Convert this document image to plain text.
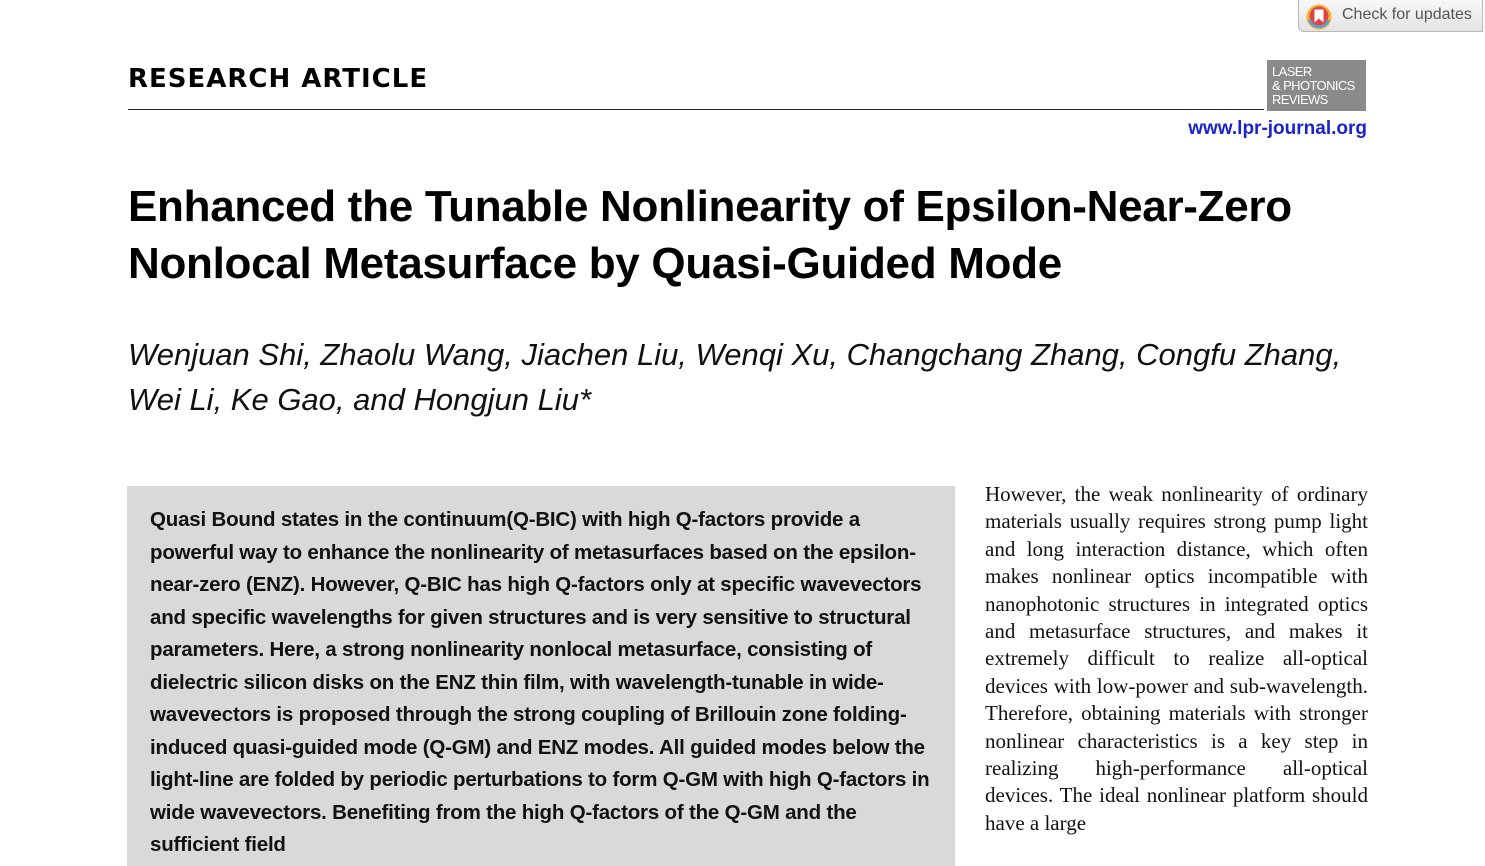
Check for updates
RESEARCH ARTICLE	LASER
& PHOTONICS
REVIEWS
www.lpr-journal.org
Enhanced the Tunable Nonlinearity of Epsilon-Near-Zero Nonlocal Metasurface by Quasi-Guided Mode

Wenjuan Shi, Zhaolu Wang, Jiachen Liu, Wenqi Xu, Changchang Zhang, Congfu Zhang, Wei Li, Ke Gao, and Hongjun Liu*

Quasi Bound states in the continuum(Q-BIC) with high Q-factors provide a powerful way to enhance the nonlinearity of metasurfaces based on the epsilon-near-zero (ENZ). However, Q-BIC has high Q-factors only at specific wavevectors and specific wavelengths for given structures and is very sensitive to structural parameters. Here, a strong nonlinearity nonlocal metasurface, consisting of dielectric silicon disks on the ENZ thin film, with wavelength-tunable in wide-wavevectors is proposed through the strong coupling of Brillouin zone folding-induced quasi-guided mode (Q-GM) and ENZ modes. All guided modes below the light-line are folded by periodic perturbations to form Q-GM with high Q-factors in wide wavevectors. Benefiting from the high Q-factors of the Q-GM and the sufficient field

However, the weak nonlinearity of ordinary materials usually requires strong pump light and long interaction distance, which often makes nonlinear optics incompatible with nanophotonic structures in integrated optics and metasurface structures, and makes it extremely difficult to realize all-optical devices with low-power and sub-wavelength. Therefore, obtaining materials with stronger nonlinear characteristics is a key step in realizing high-performance all-optical devices. The ideal nonlinear platform should have a large
